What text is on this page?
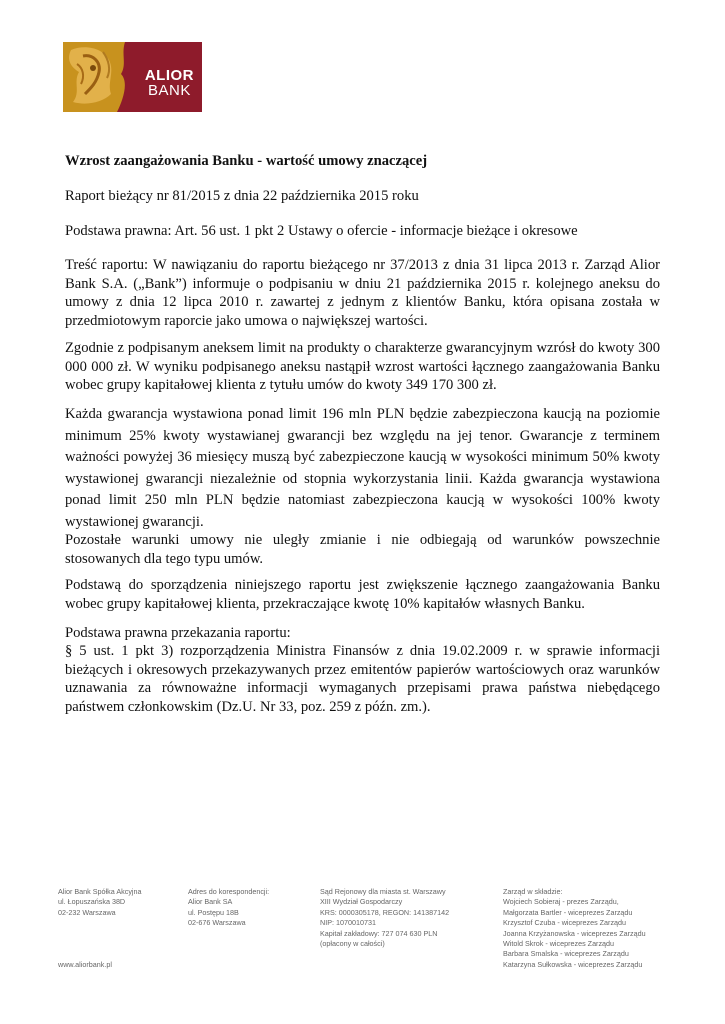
ALIOR
BANK

Wzrost zaangażowania Banku - wartość umowy znaczącej

Raport bieżący nr 81/2015 z dnia 22 października 2015 roku

Podstawa prawna: Art. 56 ust. 1 pkt 2 Ustawy o ofercie - informacje bieżące i okresowe

Treść raportu: W nawiązaniu do raportu bieżącego nr 37/2013 z dnia 31 lipca 2013 r. Zarząd Alior Bank S.A. („Bank”) informuje o podpisaniu w dniu 21 października 2015 r. kolejnego aneksu do umowy z dnia 12 lipca 2010 r. zawartej z jednym z klientów Banku, która opisana została w przedmiotowym raporcie jako umowa o największej wartości.

Zgodnie z podpisanym aneksem limit na produkty o charakterze gwarancyjnym wzrósł do kwoty 300 000 000 zł. W wyniku podpisanego aneksu nastąpił wzrost wartości łącznego zaangażowania Banku wobec grupy kapitałowej klienta z tytułu umów do kwoty 349 170 300 zł.

Każda gwarancja wystawiona ponad limit 196 mln PLN będzie zabezpieczona kaucją na poziomie minimum 25% kwoty wystawianej gwarancji bez względu na jej tenor. Gwarancje z terminem ważności powyżej 36 miesięcy muszą być zabezpieczone kaucją w wysokości minimum 50% kwoty wystawionej gwarancji niezależnie od stopnia wykorzystania linii. Każda gwarancja wystawiona ponad limit 250 mln PLN będzie natomiast zabezpieczona kaucją w wysokości 100% kwoty wystawionej gwarancji.

Pozostałe warunki umowy nie uległy zmianie i nie odbiegają od warunków powszechnie stosowanych dla tego typu umów.

Podstawą do sporządzenia niniejszego raportu jest zwiększenie łącznego zaangażowania Banku wobec grupy kapitałowej klienta, przekraczające kwotę 10% kapitałów własnych Banku.

Podstawa prawna przekazania raportu:

§ 5 ust. 1 pkt 3) rozporządzenia Ministra Finansów z dnia 19.02.2009 r. w sprawie informacji bieżących i okresowych przekazywanych przez emitentów papierów wartościowych oraz warunków uznawania za równoważne informacji wymaganych przepisami prawa państwa niebędącego państwem członkowskim (Dz.U. Nr 33, poz. 259 z późn. zm.).

Alior Bank Spółka Akcyjna
ul. Łopuszańska 38D
02-232 Warszawa
Adres do korespondencji:
Alior Bank SA
ul. Postępu 18B
02-676 Warszawa
Sąd Rejonowy dla miasta st. Warszawy
XIII Wydział Gospodarczy
KRS: 0000305178, REGON: 141387142
NIP: 1070010731
Kapitał zakładowy: 727 074 630 PLN
(opłacony w całości)
Zarząd w składzie:
Wojciech Sobieraj - prezes Zarządu,
Małgorzata Bartler - wiceprezes Zarządu
Krzysztof Czuba - wiceprezes Zarządu
Joanna Krzyżanowska - wiceprezes Zarządu
Witold Skrok - wiceprezes Zarządu
Barbara Smalska - wiceprezes Zarządu
Katarzyna Sułkowska - wiceprezes Zarządu
www.aliorbank.pl
